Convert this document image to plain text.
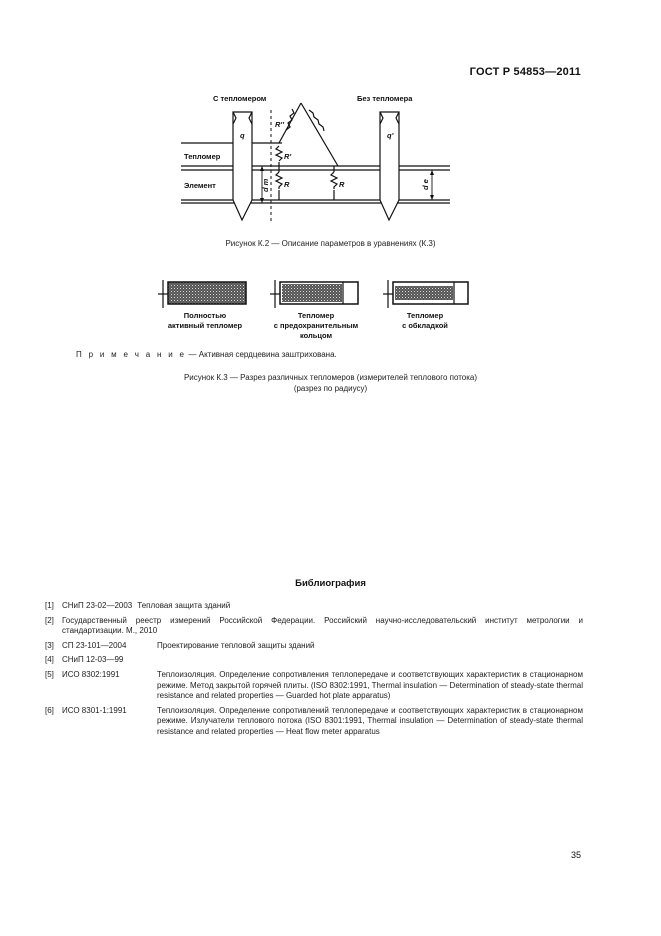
ГОСТ Р 54853—2011
С тепломером	Без тепломера
Тепломер
Элемент
q	q'
R''
R'
R	R
d m	d e
Рисунок К.2 — Описание параметров в уравнениях (К.3)
Полностью
активный тепломер
Тепломер
с предохранительным
кольцом
Тепломер
с обкладкой
П р и м е ч а н и е — Активная сердцевина заштрихована.
Рисунок К.3 — Разрез различных тепломеров (измерителей теплового потока)
(разрез по радиусу)
Библиография
[1]	СНиП 23-02—2003 Тепловая защита зданий
[2]	Государственный реестр измерений Российской Федерации. Российский научно-исследовательский институт метрологии и стандартизации. М., 2010
[3]	СП 23-101—2004	Проектирование тепловой защиты зданий
[4]	СНиП 12-03—99
[5]	ИСО 8302:1991	Теплоизоляция. Определение сопротивления теплопередаче и соответствующих характеристик в стационарном режиме. Метод закрытой горячей плиты. (ISO 8302:1991, Thermal insulation — Determination of steady-state thermal resistance and related properties — Guarded hot plate apparatus)
[6]	ИСО 8301-1:1991	Теплоизоляция. Определение сопротивлений теплопередаче и соответствующих характеристик в стационарном режиме. Излучатели теплового потока (ISO 8301:1991, Thermal insulation — Determination of steady-state thermal resistance and related properties — Heat flow meter apparatus
35
